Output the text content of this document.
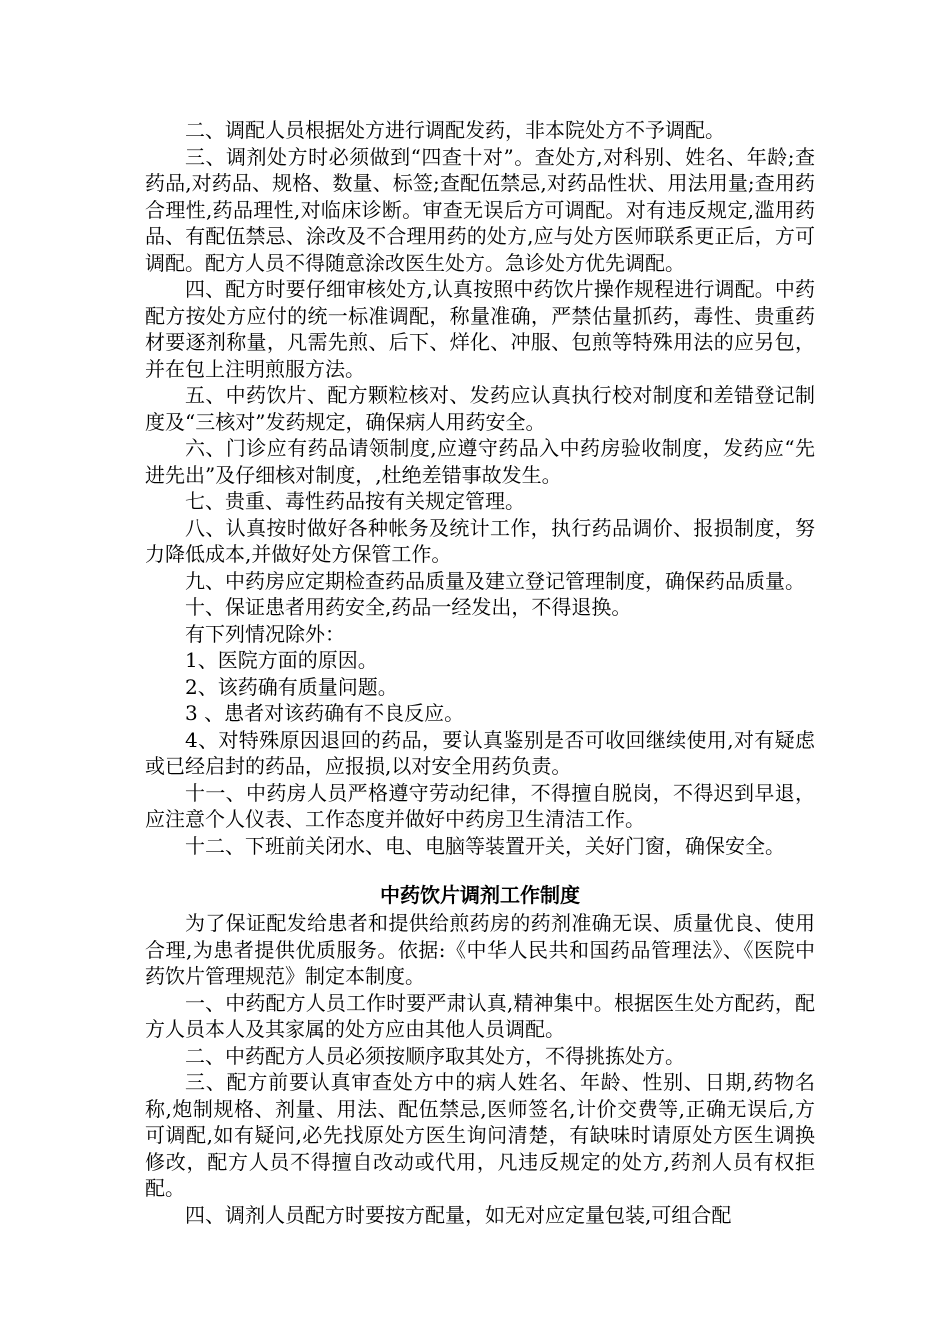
二、调配人员根据处方进行调配发药，非本院处方不予调配。

三、调剂处方时必须做到“四查十对”。查处方,对科别、姓名、年龄;查药品,对药品、规格、数量、标签;查配伍禁忌,对药品性状、用法用量;查用药合理性,药品理性,对临床诊断。审查无误后方可调配。对有违反规定,滥用药品、有配伍禁忌、涂改及不合理用药的处方,应与处方医师联系更正后，方可调配。配方人员不得随意涂改医生处方。急诊处方优先调配。

四、配方时要仔细审核处方,认真按照中药饮片操作规程进行调配。中药配方按处方应付的统一标准调配，称量准确，严禁估量抓药，毒性、贵重药材要逐剂称量，凡需先煎、后下、烊化、冲服、包煎等特殊用法的应另包，并在包上注明煎服方法。

五、中药饮片、配方颗粒核对、发药应认真执行校对制度和差错登记制度及“三核对”发药规定，确保病人用药安全。

六、门诊应有药品请领制度,应遵守药品入中药房验收制度，发药应“先进先出”及仔细核对制度，,杜绝差错事故发生。

七、贵重、毒性药品按有关规定管理。

八、认真按时做好各种帐务及统计工作，执行药品调价、报损制度，努力降低成本,并做好处方保管工作。

九、中药房应定期检查药品质量及建立登记管理制度，确保药品质量。

十、保证患者用药安全,药品一经发出，不得退换。

有下列情况除外：

1、医院方面的原因。

2、该药确有质量问题。

3 、患者对该药确有不良反应。

4、对特殊原因退回的药品，要认真鉴别是否可收回继续使用,对有疑虑或已经启封的药品，应报损,以对安全用药负责。

十一、中药房人员严格遵守劳动纪律，不得擅自脱岗，不得迟到早退，应注意个人仪表、工作态度并做好中药房卫生清洁工作。

十二、下班前关闭水、电、电脑等装置开关，关好门窗，确保安全。

中药饮片调剂工作制度

为了保证配发给患者和提供给煎药房的药剂准确无误、质量优良、使用合理,为患者提供优质服务。依据:《中华人民共和国药品管理法》、《医院中药饮片管理规范》制定本制度。

一、中药配方人员工作时要严肃认真,精神集中。根据医生处方配药，配方人员本人及其家属的处方应由其他人员调配。

二、中药配方人员必须按顺序取其处方，不得挑拣处方。

三、配方前要认真审查处方中的病人姓名、年龄、性别、日期,药物名称,炮制规格、剂量、用法、配伍禁忌,医师签名,计价交费等,正确无误后,方可调配,如有疑问,必先找原处方医生询问清楚，有缺味时请原处方医生调换修改，配方人员不得擅自改动或代用，凡违反规定的处方,药剂人员有权拒配。

四、调剂人员配方时要按方配量，如无对应定量包装,可组合配
